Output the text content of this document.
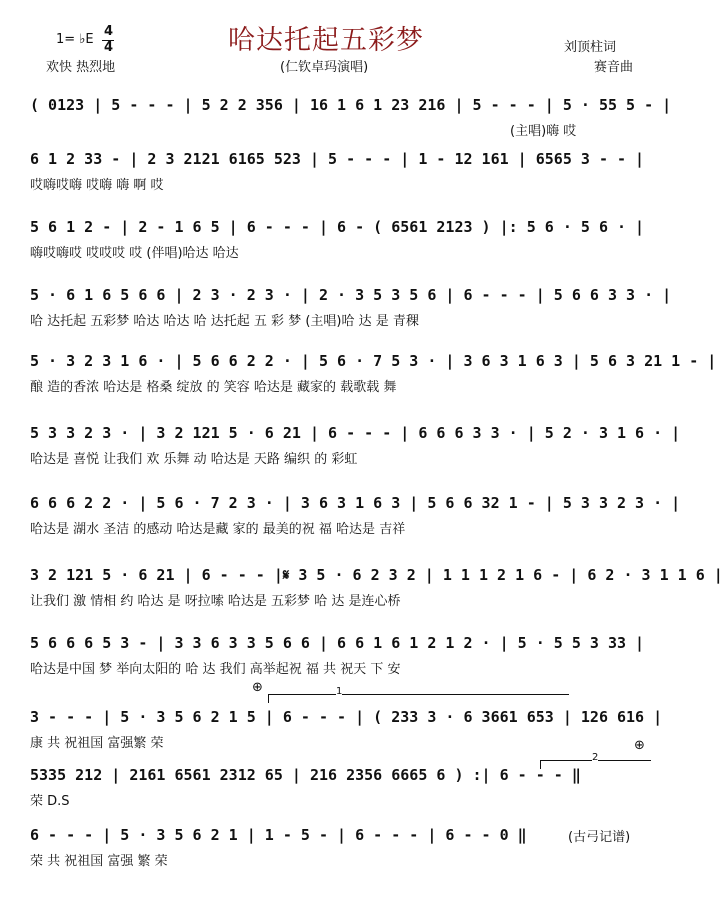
1= ♭E
4
4
欢快 热烈地
哈达托起五彩梦
(仁钦卓玛演唱)
刘顶柱词
赛音曲
( 0123 | 5 - - - | 5 2 2 356 | 16 1 6 1 23 216 | 5 - - - | 5 · 55 5 - |
(主唱)嗨 哎
6 1 2 33 - | 2 3 2121 6165 523 | 5 - - - | 1 - 12 161 | 6565 3 - - |
哎嗨哎嗨 哎嗨 嗨 啊 哎
5 6 1 2 - | 2 - 1 6 5 | 6 - - - | 6 - ( 6561 2123 ) |: 5 6 · 5 6 · |
嗨哎嗨哎 哎哎哎 哎 (伴唱)哈达 哈达
5 · 6 1 6 5 6 6 | 2 3 · 2 3 · | 2 · 3 5 3 5 6 | 6 - - - | 5 6 6 3 3 · |
哈 达托起 五彩梦 哈达 哈达 哈 达托起 五 彩 梦 (主唱)哈 达 是 青稞
5 · 3 2 3 1 6 · | 5 6 6 2 2 · | 5 6 · 7 5 3 · | 3 6 3 1 6 3 | 5 6 3 21 1 - |
酿 造的香浓 哈达是 格桑 绽放 的 笑容 哈达是 藏家的 载歌载 舞
5 3 3 2 3 · | 3 2 121 5 · 6 21 | 6 - - - | 6 6 6 3 3 · | 5 2 · 3 1 6 · |
哈达是 喜悦 让我们 欢 乐舞 动 哈达是 天路 编织 的 彩虹
6 6 6 2 2 · | 5 6 · 7 2 3 · | 3 6 3 1 6 3 | 5 6 6 32 1 - | 5 3 3 2 3 · |
哈达是 湖水 圣洁 的感动 哈达是藏 家的 最美的祝 福 哈达是 吉祥
3 2 121 5 · 6 21 | 6 - - - |𝄋 3 5 · 6 2 3 2 | 1 1 1 2 1 6 - | 6 2 · 3 1 1 6 |
让我们 激 情相 约 哈达 是 呀拉嗦 哈达是 五彩梦 哈 达 是连心桥
5 6 6 6 5 3 - | 3 3 6 3 3 5 6 6 | 6 6 1 6 1 2 1 2 · | 5 · 5 5 3 33 |
哈达是中国 梦 举向太阳的 哈 达 我们 高举起祝 福 共 祝天 下 安
3 - - - | 5 · 3 5 6 2 1 5 | 6 - - - | ( 233 3 · 6 3661 653 | 126 616 |
康 共 祝祖国 富强繁 荣
5335 212 | 2161 6561 2312 65 | 216 2356 6665 6 ) :| 6 - - - ‖
荣 D.S
6 - - - | 5 · 3 5 6 2 1 | 1 - 5 - | 6 - - - | 6 - - 0 ‖
荣 共 祝祖国 富强 繁 荣
1
2
⊕
⊕
(古弓记谱)
